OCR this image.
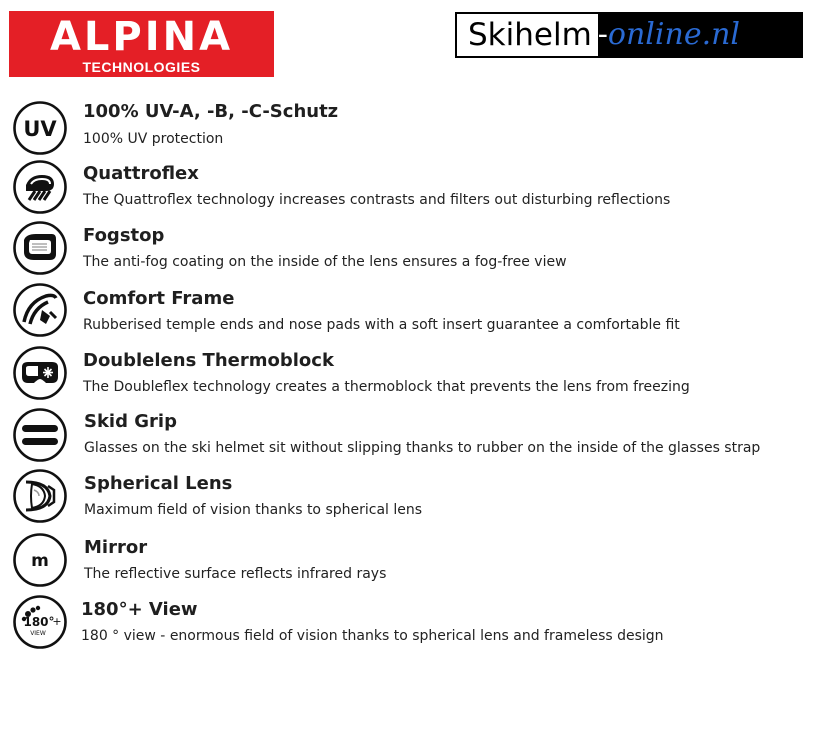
ALPINA
TECHNOLOGIES
Skihelm -online.nl
UV
100% UV-A, -B, -C-Schutz
100% UV protection
Quattroflex
The Quattroflex technology increases contrasts and filters out disturbing reflections
Fogstop
The anti-fog coating on the inside of the lens ensures a fog-free view
Comfort Frame
Rubberised temple ends and nose pads with a soft insert guarantee a comfortable fit
Doublelens Thermoblock
The Doubleflex technology creates a thermoblock that prevents the lens from freezing
Skid Grip
Glasses on the ski helmet sit without slipping thanks to rubber on the inside of the glasses strap
Spherical Lens
Maximum field of vision thanks to spherical lens
m
Mirror
The reflective surface reflects infrared rays
180°
+
VIEW
180°+ View
180 ° view - enormous field of vision thanks to spherical lens and frameless design
